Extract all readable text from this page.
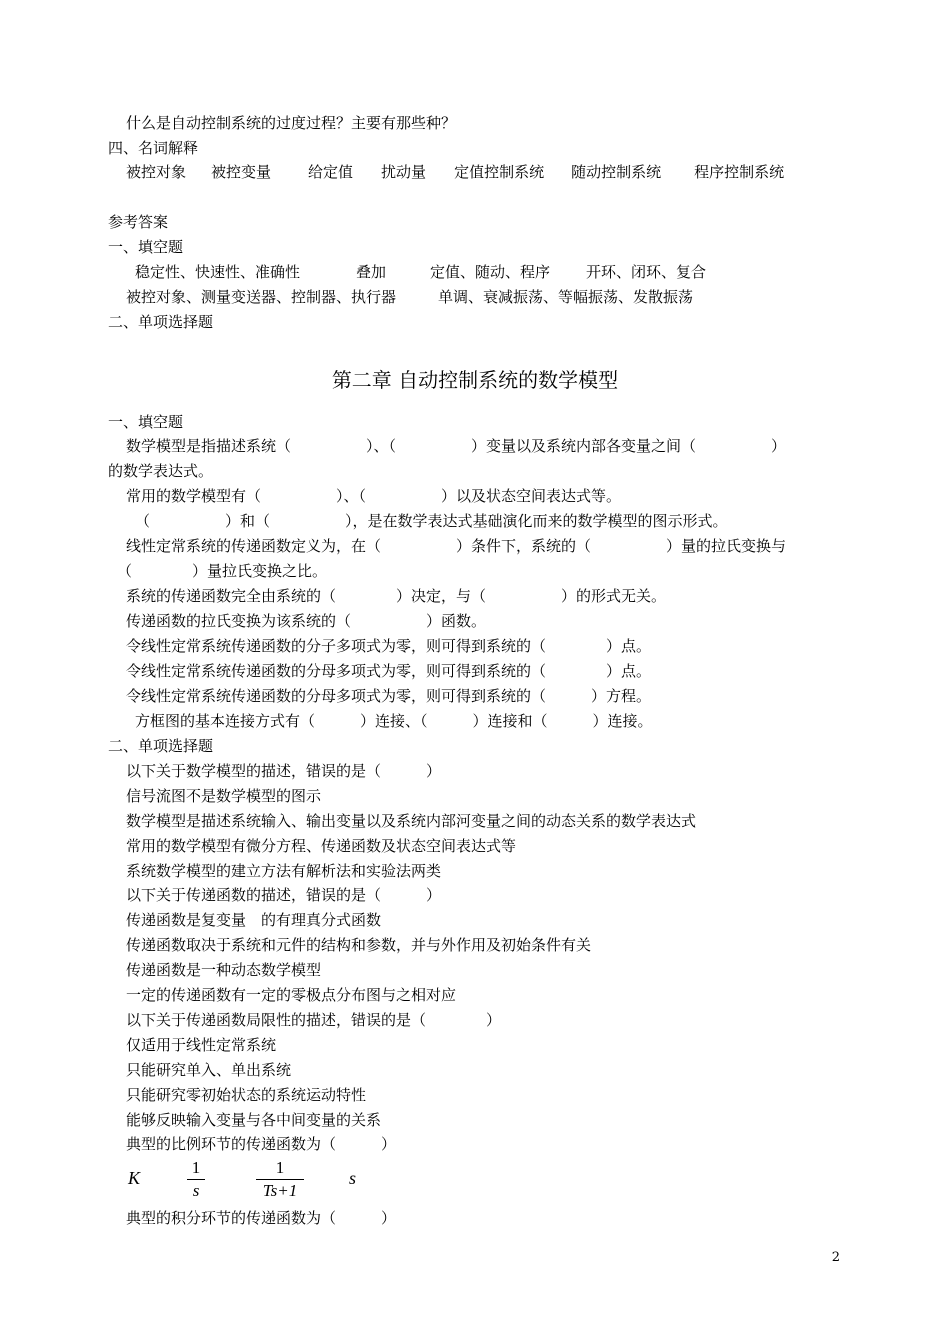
什么是自动控制系统的过度过程？主要有那些种？
四、名词解释
被控对象 被控变量 给定值 扰动量 定值控制系统 随动控制系统 程序控制系统
参考答案
一、填空题
稳定性、快速性、准确性	叠加	定值、随动、程序 开环、闭环、复合
被控对象、测量变送器、控制器、执行器	单调、衰减振荡、等幅振荡、发散振荡
二、单项选择题
第二章 自动控制系统的数学模型
一、填空题
数学模型是指描述系统（　　　　　）、（　　　　　）变量以及系统内部各变量之间（　　　　　）
的数学表达式。
常用的数学模型有（　　　　　）、（　　　　　）以及状态空间表达式等。
（　　　　　）和（　　　　　），是在数学表达式基础演化而来的数学模型的图示形式。
线性定常系统的传递函数定义为，在（　　　　　）条件下，系统的（　　　　　）量的拉氏变换与
（　　　　）量拉氏变换之比。
系统的传递函数完全由系统的（　　　　）决定，与（　　　　　）的形式无关。
传递函数的拉氏变换为该系统的（　　　　　）函数。
令线性定常系统传递函数的分子多项式为零，则可得到系统的（　　　　）点。
令线性定常系统传递函数的分母多项式为零，则可得到系统的（　　　　）点。
令线性定常系统传递函数的分母多项式为零，则可得到系统的（　　　）方程。
方框图的基本连接方式有（　　　）连接、（　　　）连接和（　　　）连接。
二、单项选择题
以下关于数学模型的描述，错误的是（　　　）
信号流图不是数学模型的图示
数学模型是描述系统输入、输出变量以及系统内部河变量之间的动态关系的数学表达式
常用的数学模型有微分方程、传递函数及状态空间表达式等
系统数学模型的建立方法有解析法和实验法两类
以下关于传递函数的描述，错误的是（　　　）
传递函数是复变量　的有理真分式函数
传递函数取决于系统和元件的结构和参数，并与外作用及初始条件有关
传递函数是一种动态数学模型
一定的传递函数有一定的零极点分布图与之相对应
以下关于传递函数局限性的描述，错误的是（　　　　）
仅适用于线性定常系统
只能研究单入、单出系统
只能研究零初始状态的系统运动特性
能够反映输入变量与各中间变量的关系
典型的比例环节的传递函数为（　　　）
K
1
s
1
Ts+1
s
典型的积分环节的传递函数为（　　　）
2
